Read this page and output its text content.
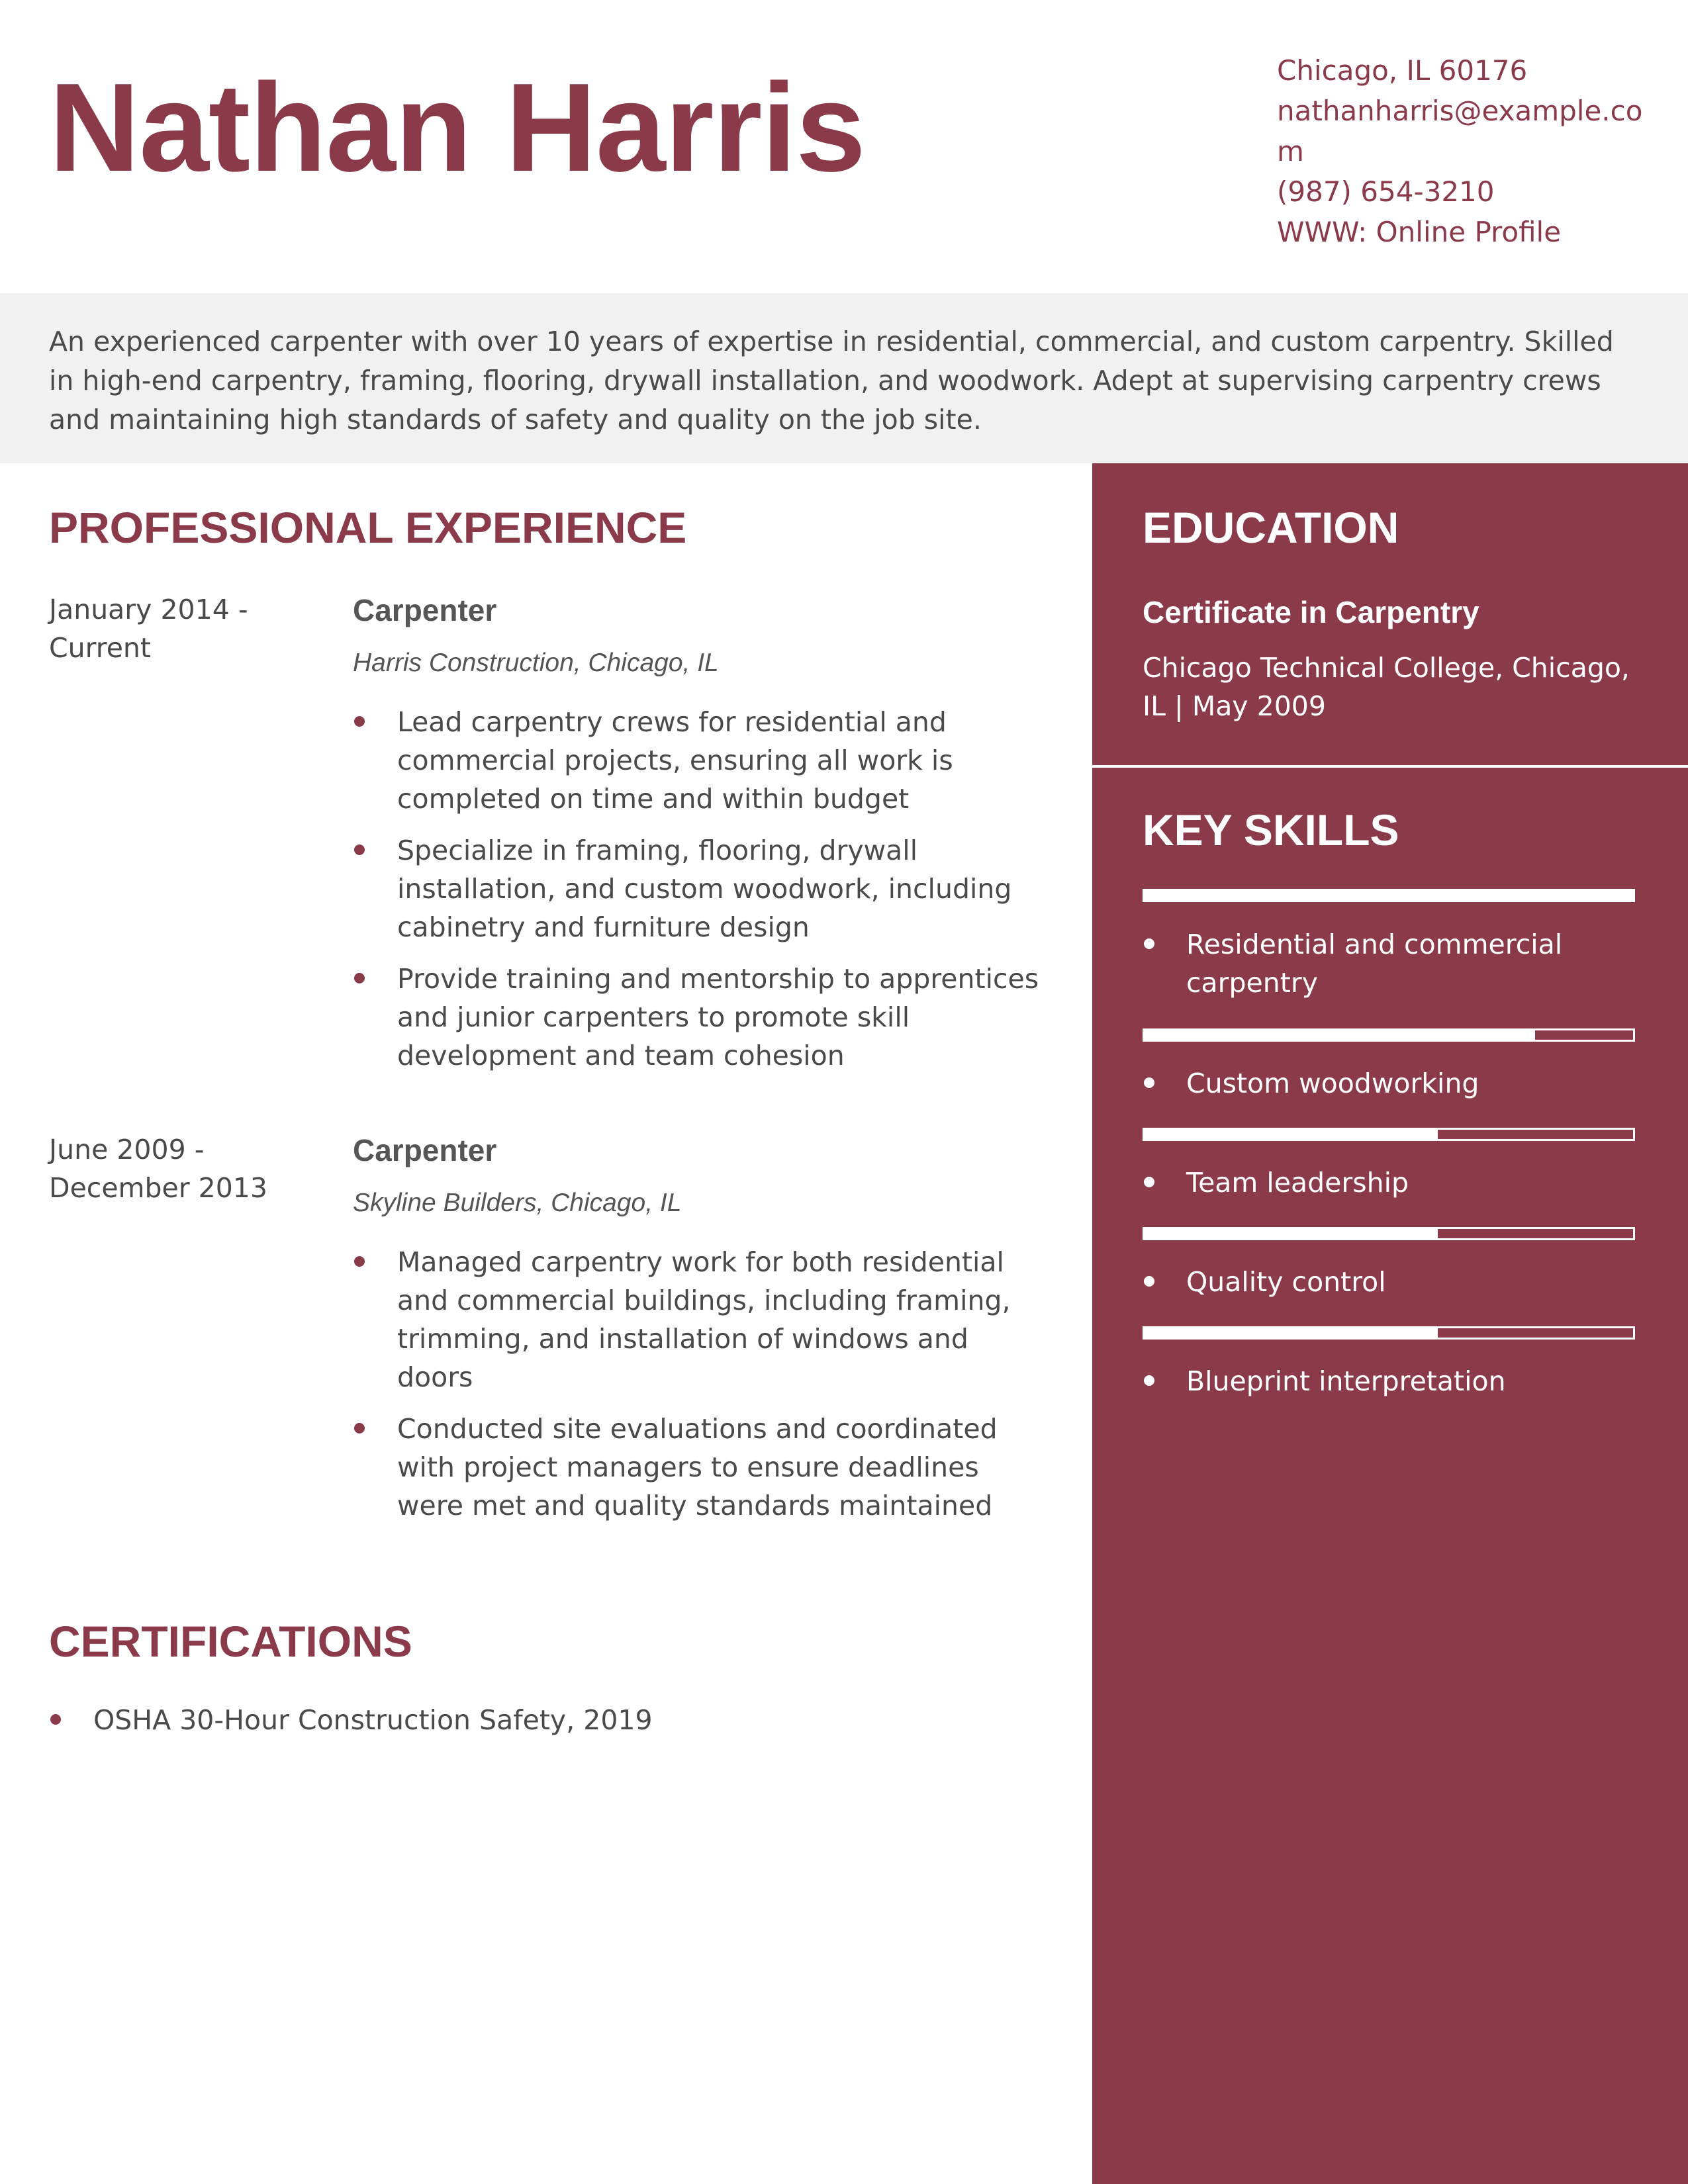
Nathan Harris	Chicago, IL 60176
nathanharris@example.com
(987) 654-3210
WWW: Online Profile

An experienced carpenter with over 10 years of expertise in residential, commercial, and custom carpentry. Skilled in high-end carpentry, framing, flooring, drywall installation, and woodwork. Adept at supervising carpentry crews and maintaining high standards of safety and quality on the job site.

PROFESSIONAL EXPERIENCE
January 2014 - Current
Carpenter
Harris Construction, Chicago, IL
Lead carpentry crews for residential and commercial projects, ensuring all work is completed on time and within budget
Specialize in framing, flooring, drywall installation, and custom woodwork, including cabinetry and furniture design
Provide training and mentorship to apprentices and junior carpenters to promote skill development and team cohesion
June 2009 - December 2013
Carpenter
Skyline Builders, Chicago, IL
Managed carpentry work for both residential and commercial buildings, including framing, trimming, and installation of windows and doors
Conducted site evaluations and coordinated with project managers to ensure deadlines were met and quality standards maintained
CERTIFICATIONS
OSHA 30-Hour Construction Safety, 2019
EDUCATION
Certificate in Carpentry
Chicago Technical College, Chicago, IL | May 2009
KEY SKILLS
Residential and commercial carpentry
Custom woodworking
Team leadership
Quality control
Blueprint interpretation
